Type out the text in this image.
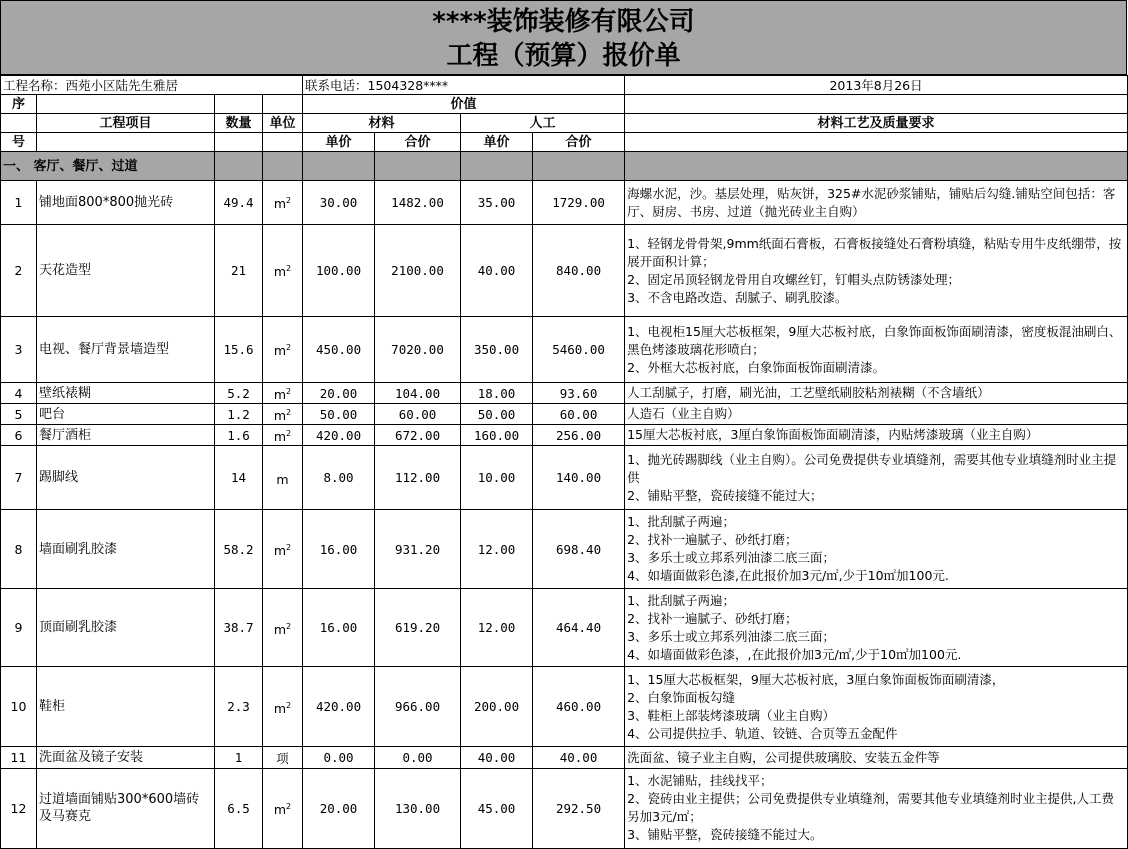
****装饰装修有限公司
工程（预算）报价单
工程名称：西苑小区陆先生雅居				联系电话：1504328****				2013年8月26日
序				价值				
	工程项目	数量	单位	材料		人工		材料工艺及质量要求
号				单价	合价	单价	合价	
一、 客厅、餐厅、过道								
1	铺地面800*800抛光砖	49.4	$m^2$	30.00	1482.00	35.00	1729.00	海螺水泥，沙。基层处理，贴灰饼，325#水泥砂浆铺贴，铺贴后勾缝.铺贴空间包括：客厅、厨房、书房、过道（抛光砖业主自购）

2	天花造型	21	$m^2$	100.00	2100.00	40.00	840.00	1、轻钢龙骨骨架,9mm纸面石膏板，石膏板接缝处石膏粉填缝，粘贴专用牛皮纸绷带，按展开面积计算；
2、固定吊顶轻钢龙骨用自攻螺丝钉，钉帽头点防锈漆处理；
3、不含电路改造、刮腻子、刷乳胶漆。

3	电视、餐厅背景墙造型	15.6	$m^2$	450.00	7020.00	350.00	5460.00	1、电视柜15厘大芯板框架，9厘大芯板衬底，白象饰面板饰面刷清漆，密度板混油刷白、黑色烤漆玻璃花形喷白；
2、外框大芯板衬底，白象饰面板饰面刷清漆。

4	壁纸裱糊	5.2	$m^2$	20.00	104.00	18.00	93.60	人工刮腻子，打磨，刷光油，工艺壁纸刷胶粘剂裱糊（不含墙纸）

5	吧台	1.2	$m^2$	50.00	60.00	50.00	60.00	人造石（业主自购）

6	餐厅酒柜	1.6	$m^2$	420.00	672.00	160.00	256.00	15厘大芯板衬底，3厘白象饰面板饰面刷清漆，内贴烤漆玻璃（业主自购）

7	踢脚线	14	m	8.00	112.00	10.00	140.00	1、抛光砖踢脚线（业主自购）。公司免费提供专业填缝剂，需要其他专业填缝剂时业主提供
2、铺贴平整，瓷砖接缝不能过大；

8	墙面刷乳胶漆	58.2	$m^2$	16.00	931.20	12.00	698.40	1、批刮腻子两遍；
2、找补一遍腻子、砂纸打磨；
3、多乐士或立邦系列油漆二底三面；
4、如墙面做彩色漆,在此报价加3元/㎡,少于10㎡加100元.

9	顶面刷乳胶漆	38.7	$m^2$	16.00	619.20	12.00	464.40	1、批刮腻子两遍；
2、找补一遍腻子、砂纸打磨；
3、多乐士或立邦系列油漆二底三面；
4、如墙面做彩色漆，,在此报价加3元/㎡,少于10㎡加100元.

10	鞋柜	2.3	$m^2$	420.00	966.00	200.00	460.00	1、15厘大芯板框架，9厘大芯板衬底，3厘白象饰面板饰面刷清漆，
2、白象饰面板勾缝
3、鞋柜上部装烤漆玻璃（业主自购）
4、公司提供拉手、轨道、铰链、合页等五金配件

11	洗面盆及镜子安装	1	项	0.00	0.00	40.00	40.00	洗面盆、镜子业主自购，公司提供玻璃胶、安装五金件等

12	过道墙面铺贴300*600墙砖及马赛克	6.5	$m^2$	20.00	130.00	45.00	292.50	1、水泥铺贴，挂线找平；
2、瓷砖由业主提供；公司免费提供专业填缝剂，需要其他专业填缝剂时业主提供,人工费另加3元/㎡；
3、铺贴平整，瓷砖接缝不能过大。
